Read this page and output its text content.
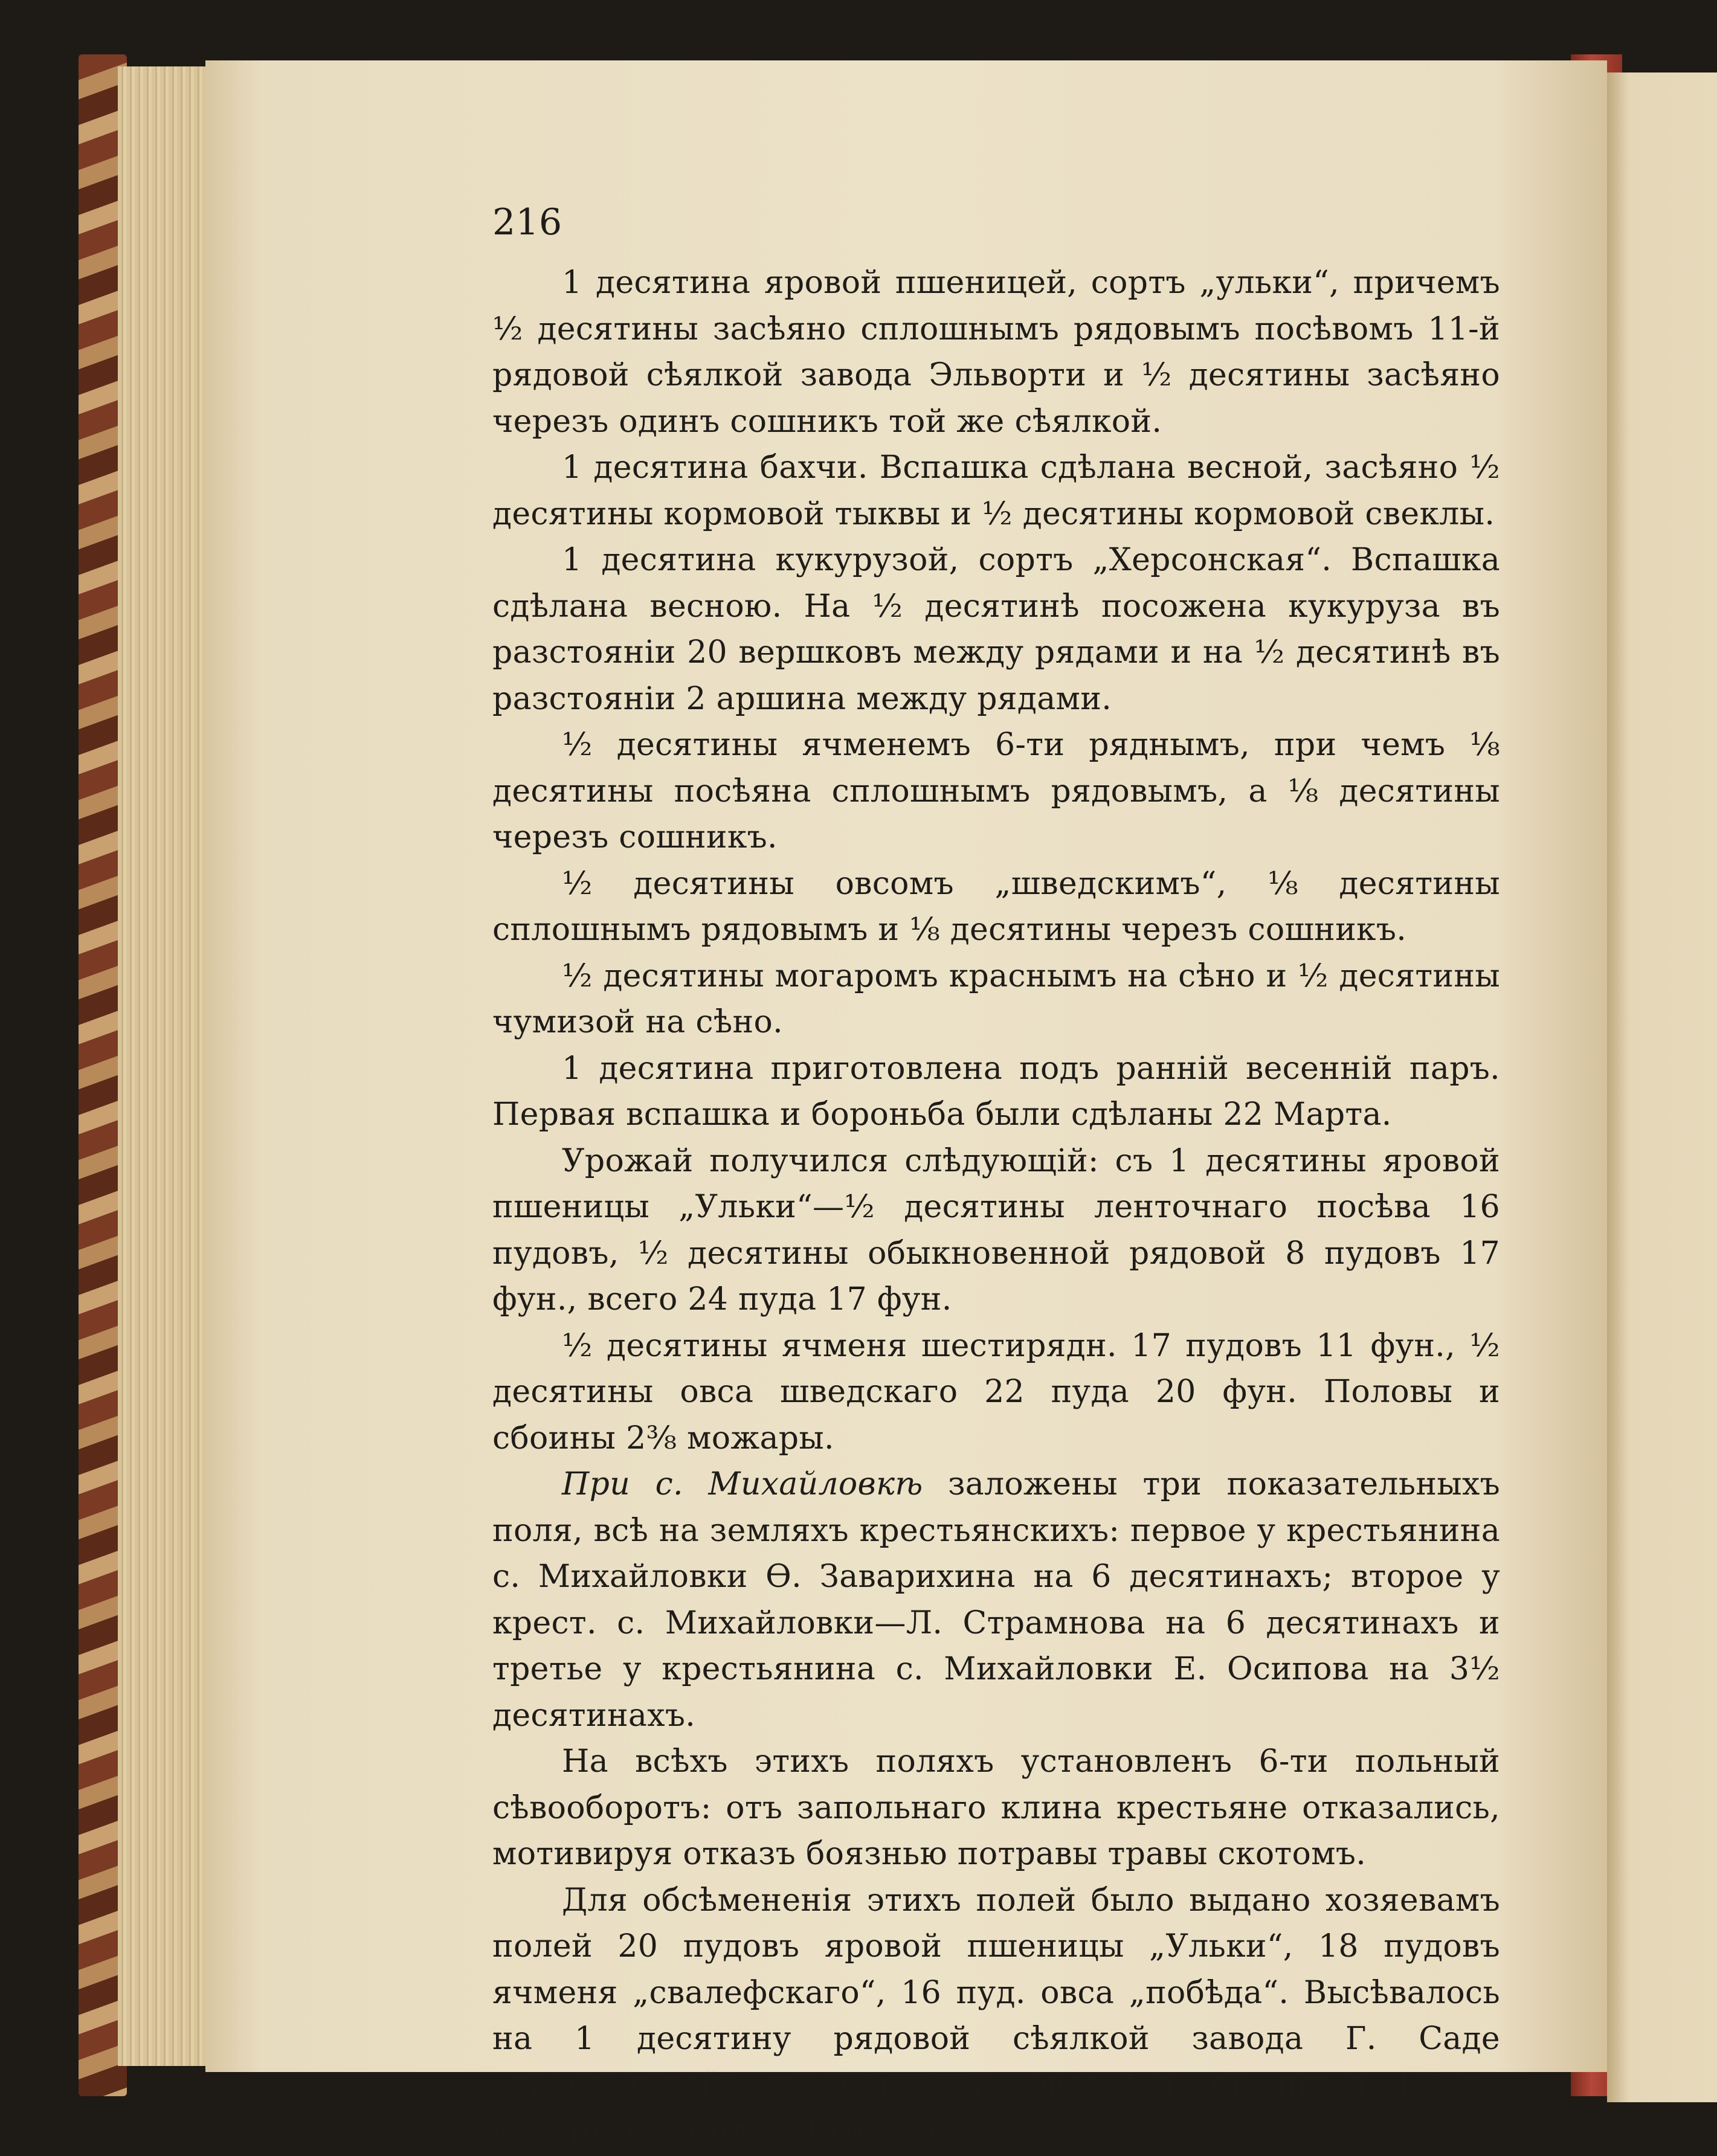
216

1 десятина яровой пшеницей, сортъ „ульки“, причемъ ½ десятины засѣяно сплошнымъ рядовымъ посѣвомъ 11-й рядовой сѣялкой завода Эльворти и ½ десятины засѣяно черезъ одинъ сошникъ той же сѣялкой.

1 десятина бахчи. Вспашка сдѣлана весной, засѣяно ½ десятины кормовой тыквы и ½ десятины кормовой свеклы.

1 десятина кукурузой, сортъ „Херсонская“. Вспашка сдѣлана весною. На ½ десятинѣ посожена кукуруза въ разстоянiи 20 вершковъ между рядами и на ½ десятинѣ въ разстоянiи 2 аршина между рядами.

½ десятины ячменемъ 6-ти ряднымъ, при чемъ ⅛ десятины посѣяна сплошнымъ рядовымъ, а ⅛ десятины черезъ сошникъ.

½ десятины овсомъ „шведскимъ“, ⅛ десятины сплошнымъ рядовымъ и ⅛ десятины черезъ сошникъ.

½ десятины могаромъ краснымъ на сѣно и ½ десятины чумизой на сѣно.

1 десятина приготовлена подъ раннiй весеннiй паръ. Первая вспашка и бороньба были сдѣланы 22 Марта.

Урожай получился слѣдующiй: съ 1 десятины яровой пшеницы „Ульки“—½ десятины ленточнаго посѣва 16 пудовъ, ½ десятины обыкновенной рядовой 8 пудовъ 17 фун., всего 24 пуда 17 фун.

½ десятины ячменя шестирядн. 17 пудовъ 11 фун., ½ десятины овса шведскаго 22 пуда 20 фун. Половы и сбоины 2⅜ можары.

При с. Михайловкѣ заложены три показательныхъ поля, всѣ на земляхъ крестьянскихъ: первое у крестьянина с. Михайловки Ѳ. Заварихина на 6 десятинахъ; второе у крест. с. Михайловки—Л. Страмнова на 6 десятинахъ и третье у крестьянина с. Михайловки Е. Осипова на 3½ десятинахъ.

На всѣхъ этихъ поляхъ установленъ 6-ти польный сѣвооборотъ: отъ запольнаго клина крестьяне отказались, мотивируя отказъ боязнью потравы травы скотомъ.

Для обсѣмененiя этихъ полей было выдано хозяевамъ полей 20 пудовъ яровой пшеницы „Ульки“, 18 пудовъ ячменя „свалефскаго“, 16 пуд. овса „побѣда“. Высѣвалось на 1 десятину рядовой сѣялкой завода Г. Саде „крестьянкой“: ячменя 4½ п., овса 4 п., яр. пшен. 4½ п., кукурузы, сортъ „Лимингъ“,
